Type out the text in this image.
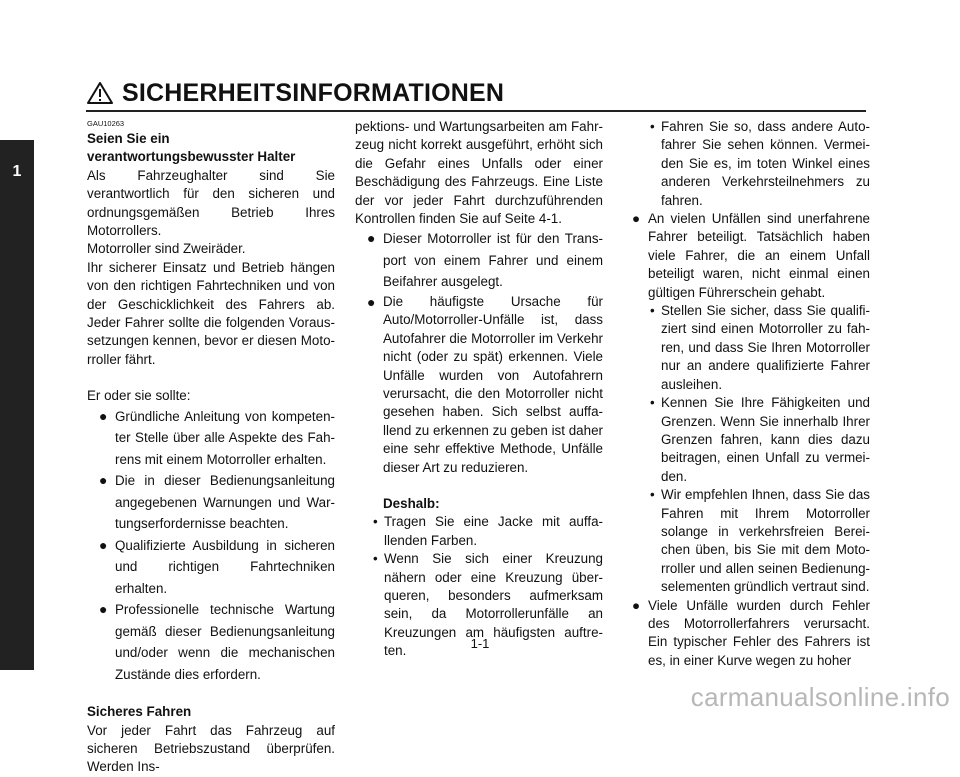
1
SICHERHEITSINFORMATIONEN

GAU10263

Seien Sie ein

verantwortungsbewusster Halter

Als Fahrzeughalter sind Sie verantwortlich für den sicheren und ordnungsgemäßen Betrieb Ihres Motorrollers.

Motorroller sind Zweiräder.

Ihr sicherer Einsatz und Betrieb hängen von den richtigen Fahrtechniken und von der Geschicklichkeit des Fahrers ab. Jeder Fahrer sollte die folgenden Voraus-setzungen kennen, bevor er diesen Moto-rroller fährt.

Er oder sie sollte:

● Gründliche Anleitung von kompeten-ter Stelle über alle Aspekte des Fah-rens mit einem Motorroller erhalten.
● Die in dieser Bedienungsanleitung angegebenen Warnungen und War-tungserfordernisse beachten.
● Qualifizierte Ausbildung in sicheren und richtigen Fahrtechniken erhalten.
● Professionelle technische Wartung gemäß dieser Bedienungsanleitung und/oder wenn die mechanischen Zustände dies erfordern.

Sicheres Fahren

Vor jeder Fahrt das Fahrzeug auf sicheren Betriebszustand überprüfen. Werden Ins-

pektions- und Wartungsarbeiten am Fahr-zeug nicht korrekt ausgeführt, erhöht sich die Gefahr eines Unfalls oder einer Beschädigung des Fahrzeugs. Eine Liste der vor jeder Fahrt durchzuführenden Kontrollen finden Sie auf Seite 4-1.

● Dieser Motorroller ist für den Trans-port von einem Fahrer und einem Beifahrer ausgelegt.
● Die häufigste Ursache für Auto/Motorroller-Unfälle ist, dass Autofahrer die Motorroller im Verkehr nicht (oder zu spät) erkennen. Viele Unfälle wurden von Autofahrern verursacht, die den Motorroller nicht gesehen haben. Sich selbst auffa-llend zu erkennen zu geben ist daher eine sehr effektive Methode, Unfälle dieser Art zu reduzieren.

Deshalb:

• Tragen Sie eine Jacke mit auffa-llenden Farben.
• Wenn Sie sich einer Kreuzung nähern oder eine Kreuzung über-queren, besonders aufmerksam sein, da Motorrollerunfälle an Kreuzungen am häufigsten auftre-ten.
• Fahren Sie so, dass andere Auto-fahrer Sie sehen können. Vermei-den Sie es, im toten Winkel eines anderen Verkehrsteilnehmers zu fahren.
● An vielen Unfällen sind unerfahrene Fahrer beteiligt. Tatsächlich haben viele Fahrer, die an einem Unfall beteiligt waren, nicht einmal einen gültigen Führerschein gehabt.
• Stellen Sie sicher, dass Sie qualifi-ziert sind einen Motorroller zu fah-ren, und dass Sie Ihren Motorroller nur an andere qualifizierte Fahrer ausleihen.
• Kennen Sie Ihre Fähigkeiten und Grenzen. Wenn Sie innerhalb Ihrer Grenzen fahren, kann dies dazu beitragen, einen Unfall zu vermei-den.
• Wir empfehlen Ihnen, dass Sie das Fahren mit Ihrem Motorroller solange in verkehrsfreien Berei-chen üben, bis Sie mit dem Moto-rroller und allen seinen Bedienung-selementen gründlich vertraut sind.
● Viele Unfälle wurden durch Fehler des Motorrollerfahrers verursacht. Ein typischer Fehler des Fahrers ist es, in einer Kurve wegen zu hoher
1-1
carmanualsonline.info
